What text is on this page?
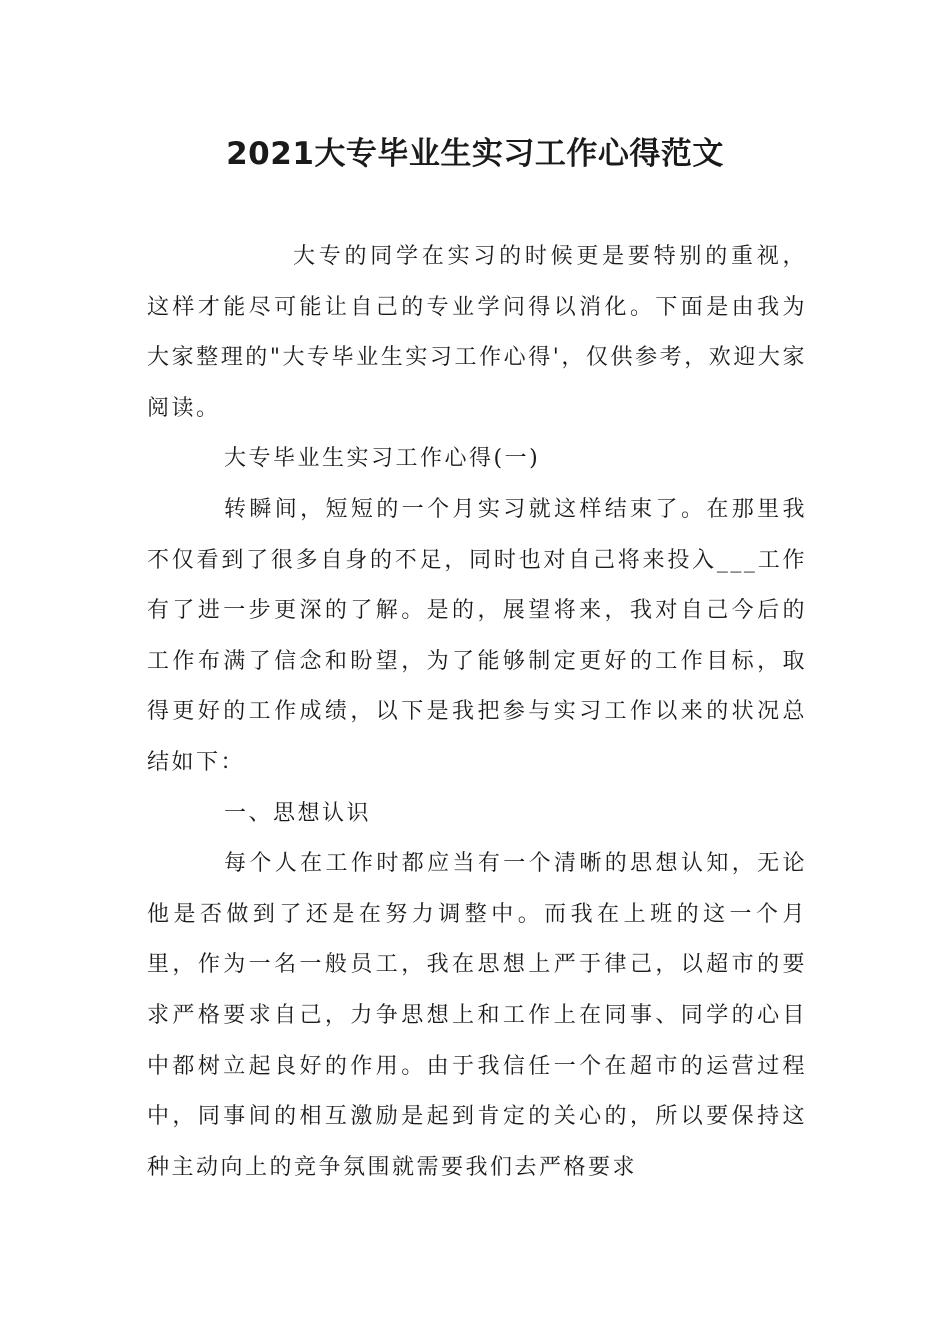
2021大专毕业生实习工作心得范文

大专的同学在实习的时候更是要特别的重视，这样才能尽可能让自己的专业学问得以消化。下面是由我为大家整理的"大专毕业生实习工作心得'，仅供参考，欢迎大家阅读。

大专毕业生实习工作心得(一)

转瞬间，短短的一个月实习就这样结束了。在那里我不仅看到了很多自身的不足，同时也对自己将来投入___工作有了进一步更深的了解。是的，展望将来，我对自己今后的工作布满了信念和盼望，为了能够制定更好的工作目标，取得更好的工作成绩，以下是我把参与实习工作以来的状况总结如下：

一、思想认识

每个人在工作时都应当有一个清晰的思想认知，无论他是否做到了还是在努力调整中。而我在上班的这一个月里，作为一名一般员工，我在思想上严于律己，以超市的要求严格要求自己，力争思想上和工作上在同事、同学的心目中都树立起良好的作用。由于我信任一个在超市的运营过程中，同事间的相互激励是起到肯定的关心的，所以要保持这种主动向上的竞争氛围就需要我们去严格要求
